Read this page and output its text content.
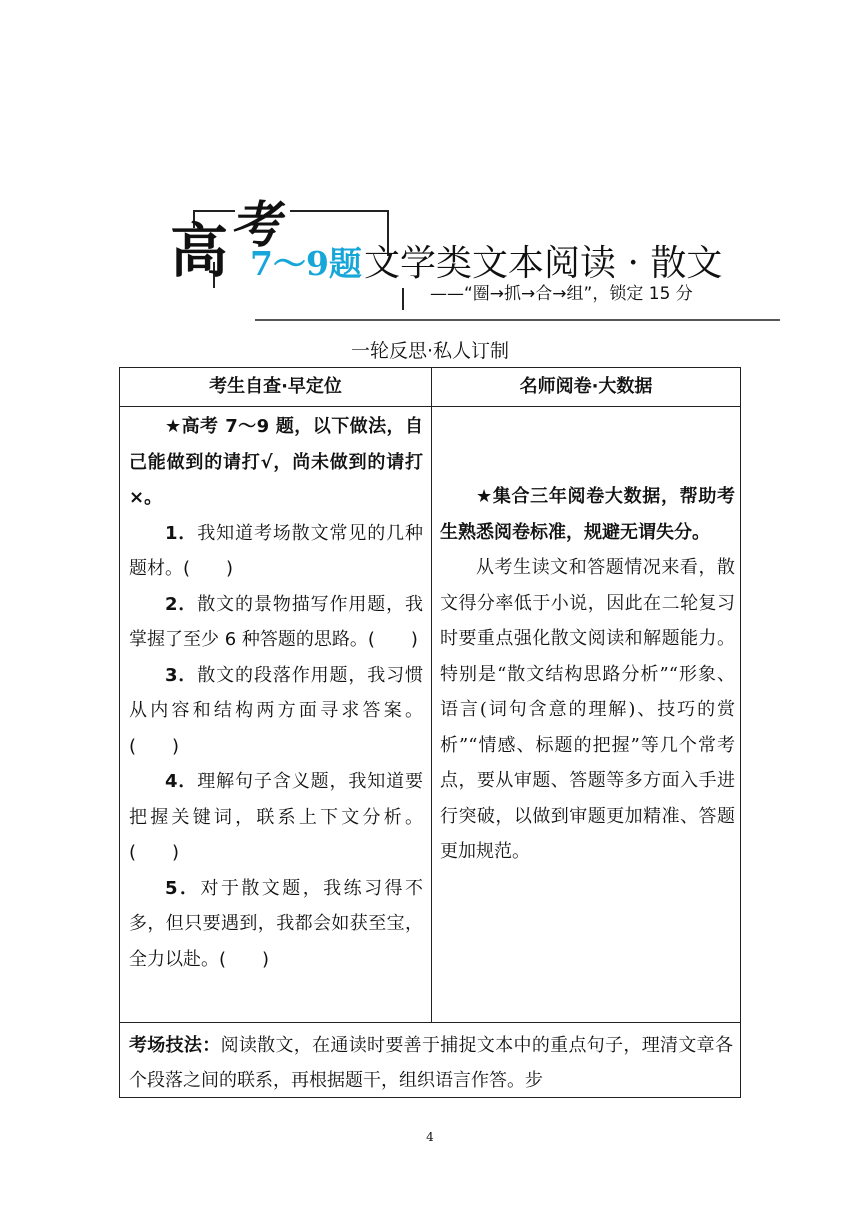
高 考
7～9题 文学类文本阅读 · 散文
——“圈→抓→合→组”，锁定 15 分
一轮反思·私人订制
考生自查·早定位	名师阅卷·大数据

★高考 7～9 题，以下做法，自己能做到的请打√，尚未做到的请打×。

1．我知道考场散文常见的几种题材。(　　)

2．散文的景物描写作用题，我掌握了至少 6 种答题的思路。(　　)

3．散文的段落作用题，我习惯从内容和结构两方面寻求答案。(　　)

4．理解句子含义题，我知道要把握关键词，联系上下文分析。(　　)

5．对于散文题，我练习得不多，但只要遇到，我都会如获至宝，全力以赴。(　　)

★集合三年阅卷大数据，帮助考生熟悉阅卷标准，规避无谓失分。

从考生读文和答题情况来看，散文得分率低于小说，因此在二轮复习时要重点强化散文阅读和解题能力。特别是“散文结构思路分析”“形象、语言(词句含意的理解)、技巧的赏析”“情感、标题的把握”等几个常考点，要从审题、答题等多方面入手进行突破，以做到审题更加精准、答题更加规范。

考场技法：阅读散文，在通读时要善于捕捉文本中的重点句子，理清文章各个段落之间的联系，再根据题干，组织语言作答。步
4
